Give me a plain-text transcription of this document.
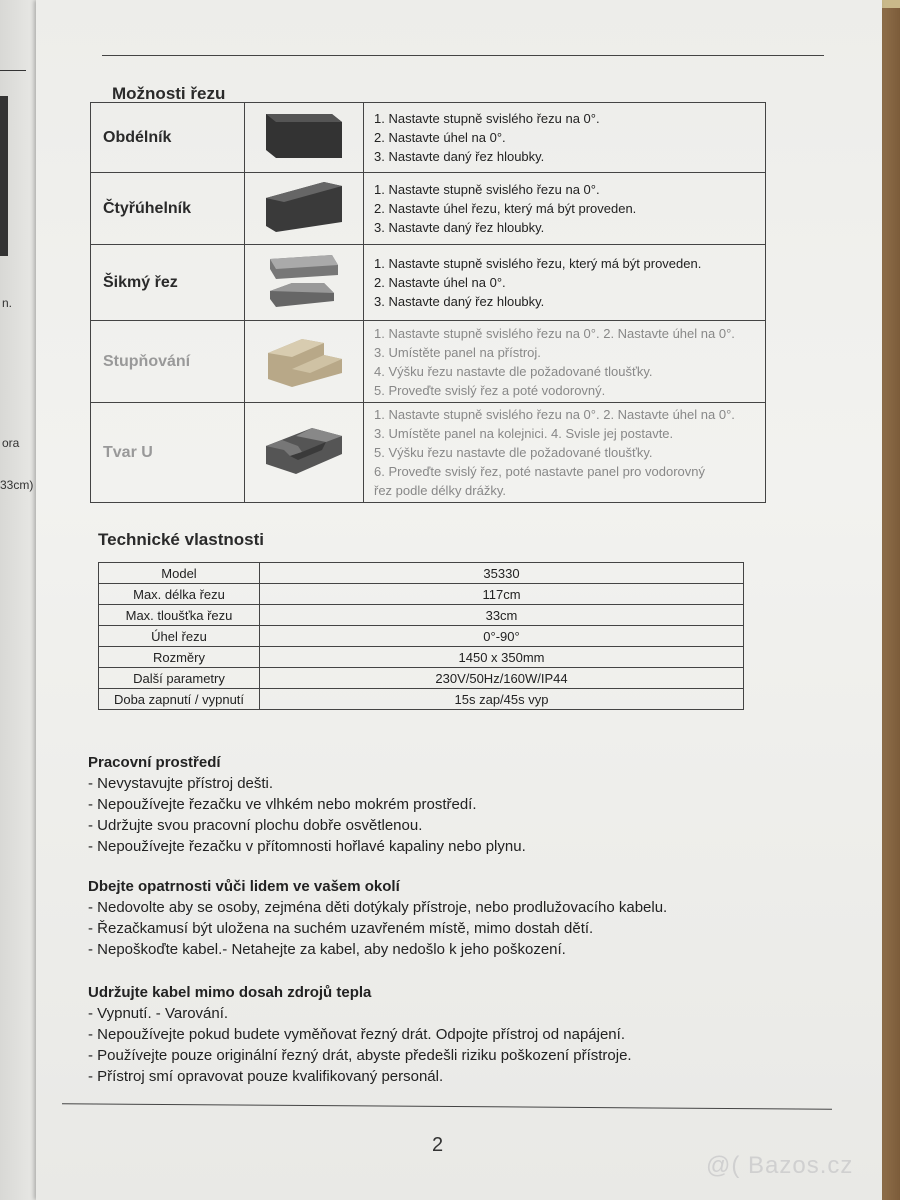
n.
ora
33cm)
Možnosti řezu
Obdélník		1. Nastavte stupně svislého řezu na 0°.
2. Nastavte úhel na 0°.
3. Nastavte daný řez hloubky.

Čtyřúhelník		1. Nastavte stupně svislého řezu na 0°.
2. Nastavte úhel řezu, který má být proveden.
3. Nastavte daný řez hloubky.

Šikmý řez		1. Nastavte stupně svislého řezu, který má být proveden.
2. Nastavte úhel na 0°.
3. Nastavte daný řez hloubky.

Stupňování		1. Nastavte stupně svislého řezu na 0°. 2. Nastavte úhel na 0°.
3. Umístěte panel na přístroj.
4. Výšku řezu nastavte dle požadované tloušťky.
5. Proveďte svislý řez a poté vodorovný.

Tvar U		1. Nastavte stupně svislého řezu na 0°. 2. Nastavte úhel na 0°.
3. Umístěte panel na kolejnici. 4. Svisle jej postavte.
5. Výšku řezu nastavte dle požadované tloušťky.
6. Proveďte svislý řez, poté nastavte panel pro vodorovný
řez podle délky drážky.
Technické vlastnosti
Model	35330
Max. délka řezu	117cm
Max. tloušťka řezu	33cm
Úhel řezu	0°-90°
Rozměry	1450 x 350mm
Další parametry	230V/50Hz/160W/IP44
Doba zapnutí / vypnutí	15s zap/45s vyp
Pracovní prostředí
- Nevystavujte přístroj dešti.
- Nepoužívejte řezačku ve vlhkém nebo mokrém prostředí.
- Udržujte svou pracovní plochu dobře osvětlenou.
- Nepoužívejte řezačku v přítomnosti hořlavé kapaliny nebo plynu.
Dbejte opatrnosti vůči lidem ve vašem okolí
- Nedovolte aby se osoby, zejména děti dotýkaly přístroje, nebo prodlužovacího kabelu.
- Řezačkamusí být uložena na suchém uzavřeném místě, mimo dostah dětí.
- Nepoškoďte kabel.- Netahejte za kabel, aby nedošlo k jeho poškození.
Udržujte kabel mimo dosah zdrojů tepla
- Vypnutí. - Varování.
- Nepoužívejte pokud budete vyměňovat řezný drát. Odpojte přístroj od napájení.
- Používejte pouze originální řezný drát, abyste předešli riziku poškození přístroje.
- Přístroj smí opravovat pouze kvalifikovaný personál.
2
@( Bazos.cz
